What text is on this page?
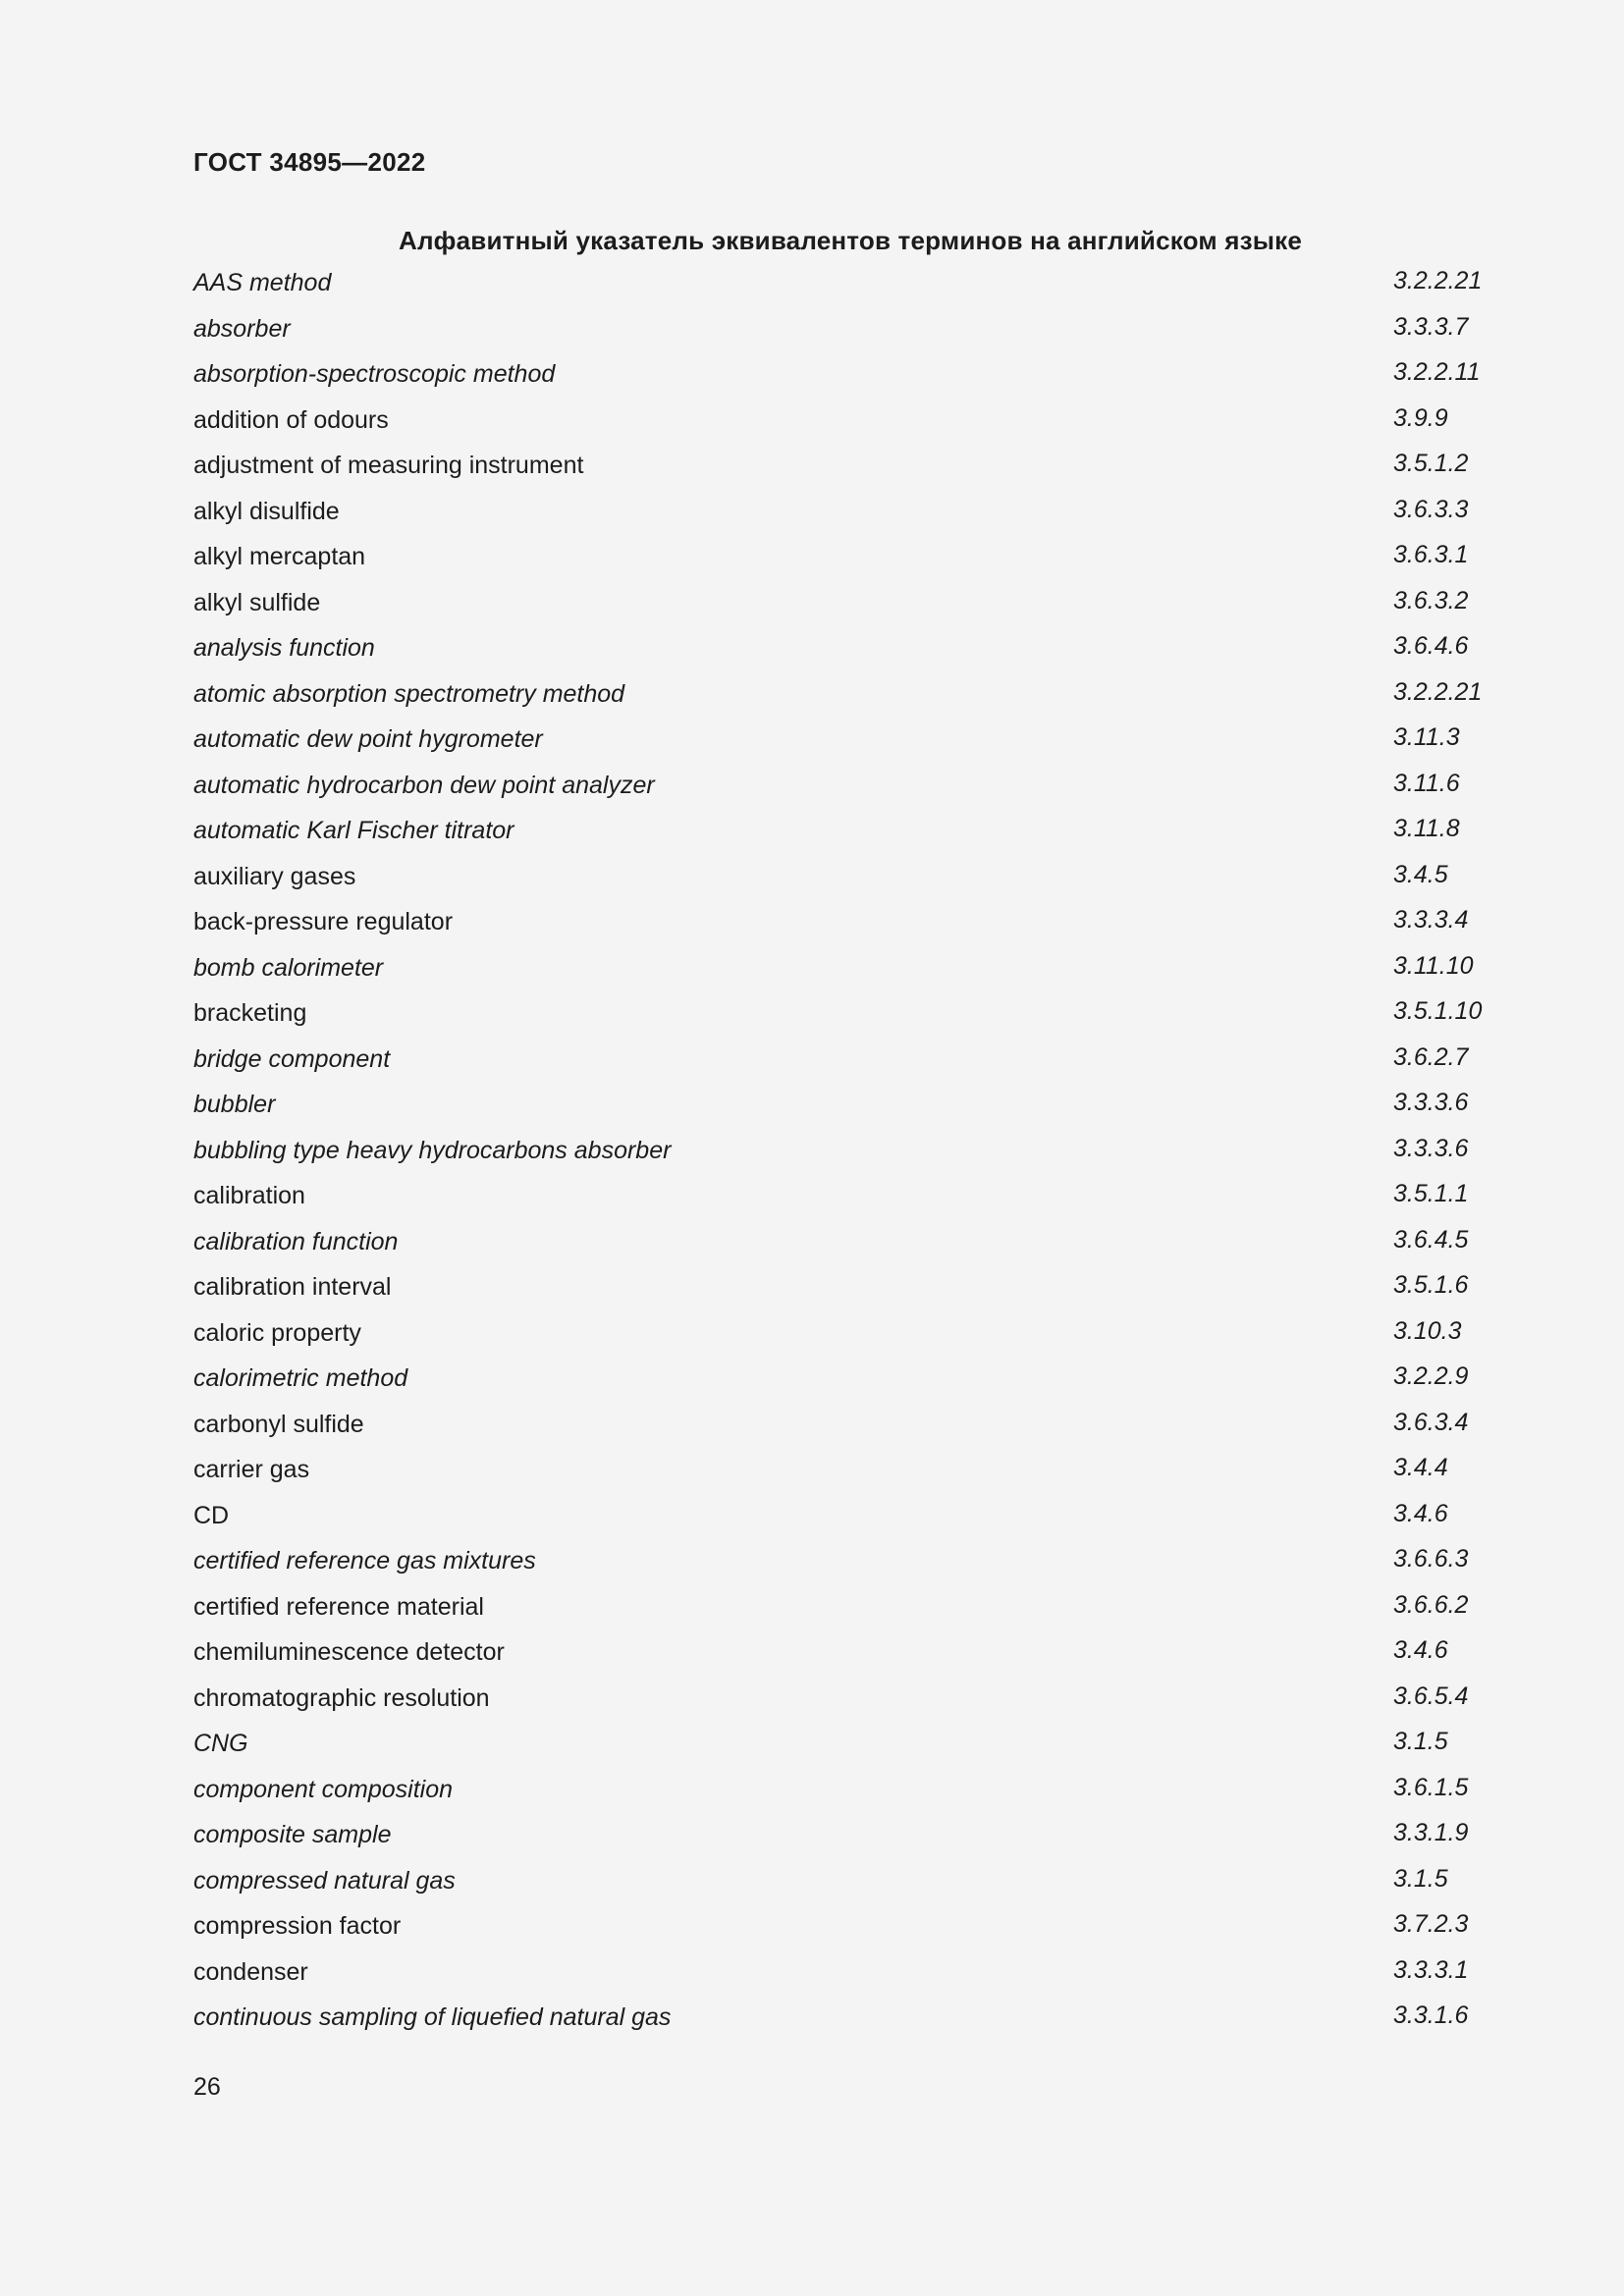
ГОСТ 34895—2022
Алфавитный указатель эквивалентов терминов на английском языке
AAS method	3.2.2.21
absorber	3.3.3.7
absorption-spectroscopic method	3.2.2.11
addition of odours	3.9.9
adjustment of measuring instrument	3.5.1.2
alkyl disulfide	3.6.3.3
alkyl mercaptan	3.6.3.1
alkyl sulfide	3.6.3.2
analysis function	3.6.4.6
atomic absorption spectrometry method	3.2.2.21
automatic dew point hygrometer	3.11.3
automatic hydrocarbon dew point analyzer	3.11.6
automatic Karl Fischer titrator	3.11.8
auxiliary gases	3.4.5
back-pressure regulator	3.3.3.4
bomb calorimeter	3.11.10
bracketing	3.5.1.10
bridge component	3.6.2.7
bubbler	3.3.3.6
bubbling type heavy hydrocarbons absorber	3.3.3.6
calibration	3.5.1.1
calibration function	3.6.4.5
calibration interval	3.5.1.6
caloric property	3.10.3
calorimetric method	3.2.2.9
carbonyl sulfide	3.6.3.4
carrier gas	3.4.4
CD	3.4.6
certified reference gas mixtures	3.6.6.3
certified reference material	3.6.6.2
chemiluminescence detector	3.4.6
chromatographic resolution	3.6.5.4
CNG	3.1.5
component composition	3.6.1.5
composite sample	3.3.1.9
compressed natural gas	3.1.5
compression factor	3.7.2.3
condenser	3.3.3.1
continuous sampling of liquefied natural gas	3.3.1.6
26
